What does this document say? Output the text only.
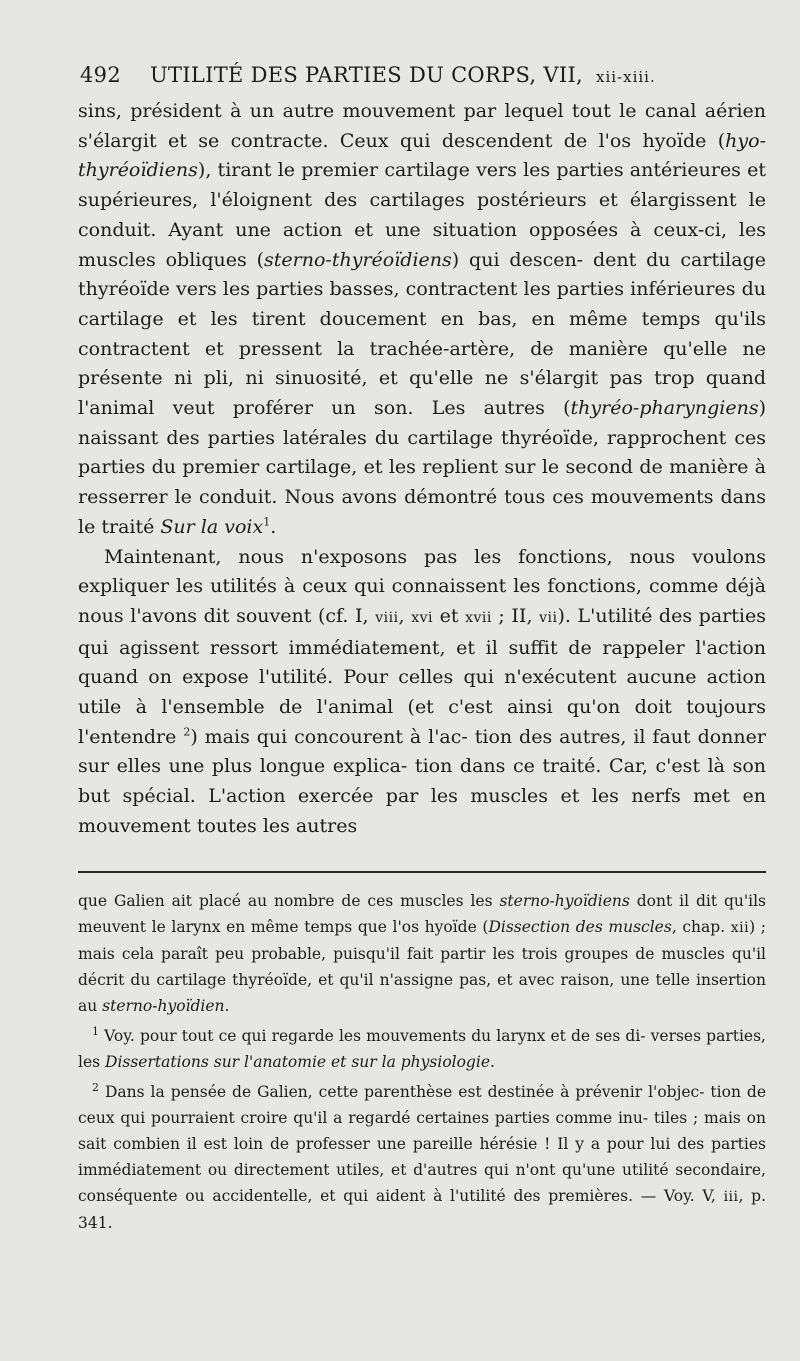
492 UTILITÉ DES PARTIES DU CORPS, VII, xii-xiii.

sins, président à un autre mouvement par lequel tout le canal aérien s'élargit et se contracte. Ceux qui descendent de l'os hyoïde (hyo-thyréoïdiens), tirant le premier cartilage vers les parties antérieures et supérieures, l'éloignent des cartilages postérieurs et élargissent le conduit. Ayant une action et une situation opposées à ceux-ci, les muscles obliques (sterno-thyréoïdiens) qui descen- dent du cartilage thyréoïde vers les parties basses, contractent les parties inférieures du cartilage et les tirent doucement en bas, en même temps qu'ils contractent et pressent la trachée-artère, de manière qu'elle ne présente ni pli, ni sinuosité, et qu'elle ne s'élargit pas trop quand l'animal veut proférer un son. Les autres (thyréo-pharyngiens) naissant des parties latérales du cartilage thyréoïde, rapprochent ces parties du premier cartilage, et les replient sur le second de manière à resserrer le conduit. Nous avons démontré tous ces mouvements dans le traité Sur la voix$^1$.

Maintenant, nous n'exposons pas les fonctions, nous voulons expliquer les utilités à ceux qui connaissent les fonctions, comme déjà nous l'avons dit souvent (cf. I, viii, xvi et xvii ; II, vii). L'utilité des parties qui agissent ressort immédiatement, et il suffit de rappeler l'action quand on expose l'utilité. Pour celles qui n'exécutent aucune action utile à l'ensemble de l'animal (et c'est ainsi qu'on doit toujours l'entendre $^2$) mais qui concourent à l'ac- tion des autres, il faut donner sur elles une plus longue explica- tion dans ce traité. Car, c'est là son but spécial. L'action exercée par les muscles et les nerfs met en mouvement toutes les autres

que Galien ait placé au nombre de ces muscles les sterno-hyoïdiens dont il dit qu'ils meuvent le larynx en même temps que l'os hyoïde (Dissection des muscles, chap. xii) ; mais cela paraît peu probable, puisqu'il fait partir les trois groupes de muscles qu'il décrit du cartilage thyréoïde, et qu'il n'assigne pas, et avec raison, une telle insertion au sterno-hyoïdien.

$^1$ Voy. pour tout ce qui regarde les mouvements du larynx et de ses di- verses parties, les Dissertations sur l'anatomie et sur la physiologie.

$^2$ Dans la pensée de Galien, cette parenthèse est destinée à prévenir l'objec- tion de ceux qui pourraient croire qu'il a regardé certaines parties comme inu- tiles ; mais on sait combien il est loin de professer une pareille hérésie ! Il y a pour lui des parties immédiatement ou directement utiles, et d'autres qui n'ont qu'une utilité secondaire, conséquente ou accidentelle, et qui aident à l'utilité des premières. — Voy. V, iii, p. 341.
